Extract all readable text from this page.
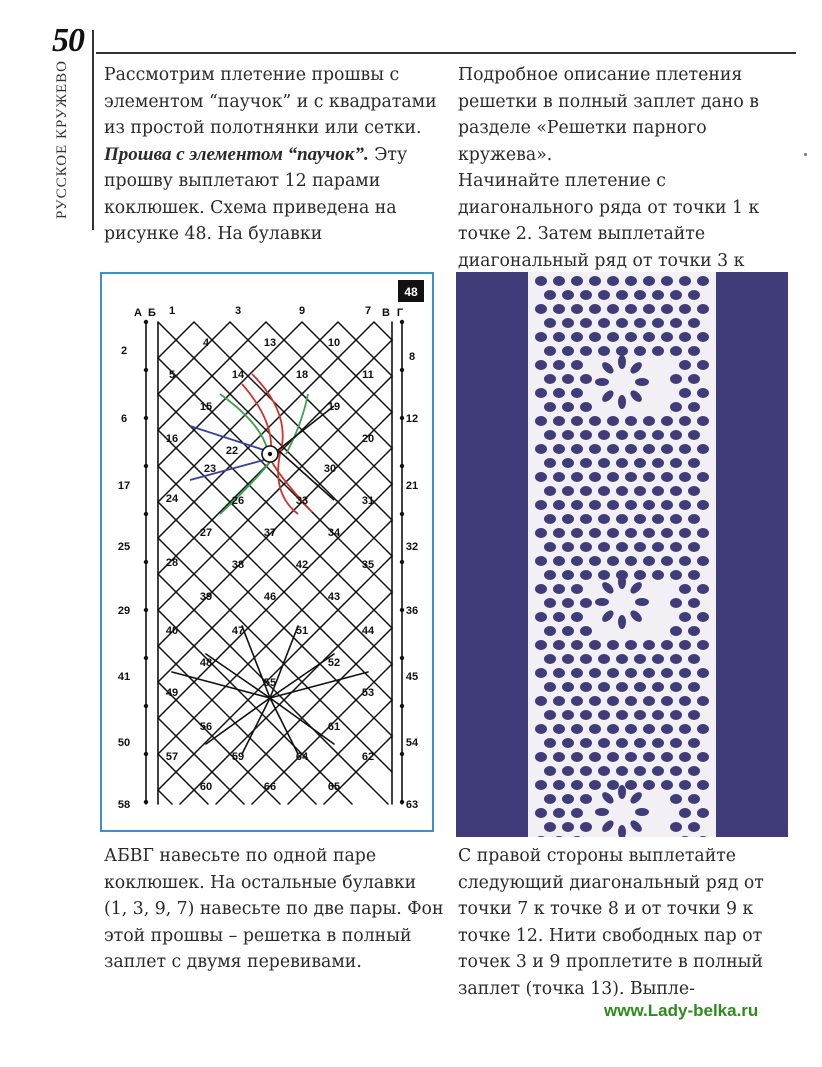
50
РУССКОЕ КРУЖЕВО	Рассмотрим плетение прошвы с элементом “паучок” и с квадратами из простой полотнянки или сетки.
Прошва с элементом “паучок”. Эту прошву выплетают 12 парами коклюшек. Схема приведена на рисунке 48. На булавки

Подробное описание плетения решетки в полный заплет дано в разделе «Решетки парного кружева».

Начинайте плетение с диагонального ряда от точки 1 к точке 2. Затем выплетайте диагональный ряд от точки 3 к

1
2
3
4
5
6
7
8
9
10
11
12
13
14
15
16
17
18
19
20
21
22
23
24
25
26
27
28
29
30
31
32
33
34
35
36
37
38
39
40
41
42
43
44
45
46
47
48
49
50
51
52
53
54
55
56
57
58
59
60
61
62
63
64
65
66
А Б	В Г
48
АБВГ навесьте по одной паре коклюшек. На остальные булавки (1, 3, 9, 7) навесьте по две пары. Фон этой прошвы – решетка в полный заплет с двумя перевивами.
С правой стороны выплетайте следующий диагональный ряд от точки 7 к точке 8 и от точки 9 к точке 12. Нити свободных пар от точек 3 и 9 проплетите в полный заплет (точка 13). Выпле-
www.Lady-belka.ru
